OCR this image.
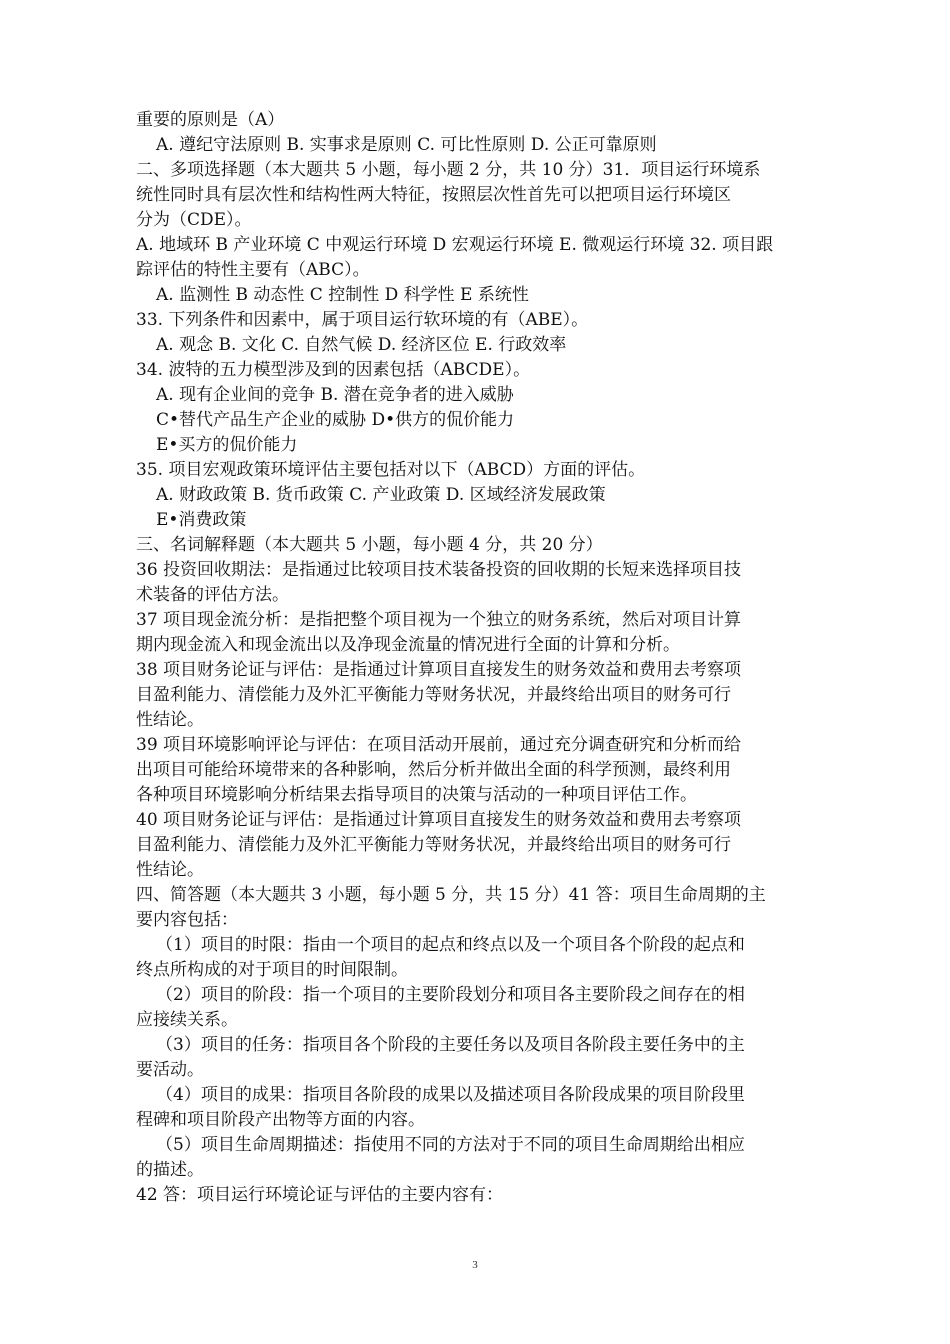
重要的原则是（A）
A. 遵纪守法原则 B. 实事求是原则 C. 可比性原则 D. 公正可靠原则
二、多项选择题（本大题共 5 小题，每小题 2 分，共 10 分）31．项目运行环境系
统性同时具有层次性和结构性两大特征，按照层次性首先可以把项目运行环境区
分为（CDE）。
A. 地域环 B 产业环境 C 中观运行环境 D 宏观运行环境 E. 微观运行环境 32. 项目跟
踪评估的特性主要有（ABC）。
A. 监测性 B 动态性 C 控制性 D 科学性 E 系统性
33. 下列条件和因素中，属于项目运行软环境的有（ABE）。
A. 观念 B. 文化 C. 自然气候 D. 经济区位 E. 行政效率
34. 波特的五力模型涉及到的因素包括（ABCDE）。
A. 现有企业间的竞争 B. 潜在竞争者的进入威胁
C•替代产品生产企业的威胁 D•供方的侃价能力
E•买方的侃价能力
35. 项目宏观政策环境评估主要包括对以下（ABCD）方面的评估。
A. 财政政策 B. 货币政策 C. 产业政策 D. 区域经济发展政策
E•消费政策
三、名词解释题（本大题共 5 小题，每小题 4 分，共 20 分）
36 投资回收期法：是指通过比较项目技术装备投资的回收期的长短来选择项目技
术装备的评估方法。
37 项目现金流分析：是指把整个项目视为一个独立的财务系统，然后对项目计算
期内现金流入和现金流出以及净现金流量的情况进行全面的计算和分析。
38 项目财务论证与评估：是指通过计算项目直接发生的财务效益和费用去考察项
目盈利能力、清偿能力及外汇平衡能力等财务状况，并最终给出项目的财务可行
性结论。
39 项目环境影响评论与评估：在项目活动开展前，通过充分调查研究和分析而给
出项目可能给环境带来的各种影响，然后分析并做出全面的科学预测，最终利用
各种项目环境影响分析结果去指导项目的决策与活动的一种项目评估工作。
40 项目财务论证与评估：是指通过计算项目直接发生的财务效益和费用去考察项
目盈利能力、清偿能力及外汇平衡能力等财务状况，并最终给出项目的财务可行
性结论。
四、简答题（本大题共 3 小题，每小题 5 分，共 15 分）41 答：项目生命周期的主
要内容包括：
（1）项目的时限：指由一个项目的起点和终点以及一个项目各个阶段的起点和
终点所构成的对于项目的时间限制。
（2）项目的阶段：指一个项目的主要阶段划分和项目各主要阶段之间存在的相
应接续关系。
（3）项目的任务：指项目各个阶段的主要任务以及项目各阶段主要任务中的主
要活动。
（4）项目的成果：指项目各阶段的成果以及描述项目各阶段成果的项目阶段里
程碑和项目阶段产出物等方面的内容。
（5）项目生命周期描述：指使用不同的方法对于不同的项目生命周期给出相应
的描述。
42 答：项目运行环境论证与评估的主要内容有：
3
